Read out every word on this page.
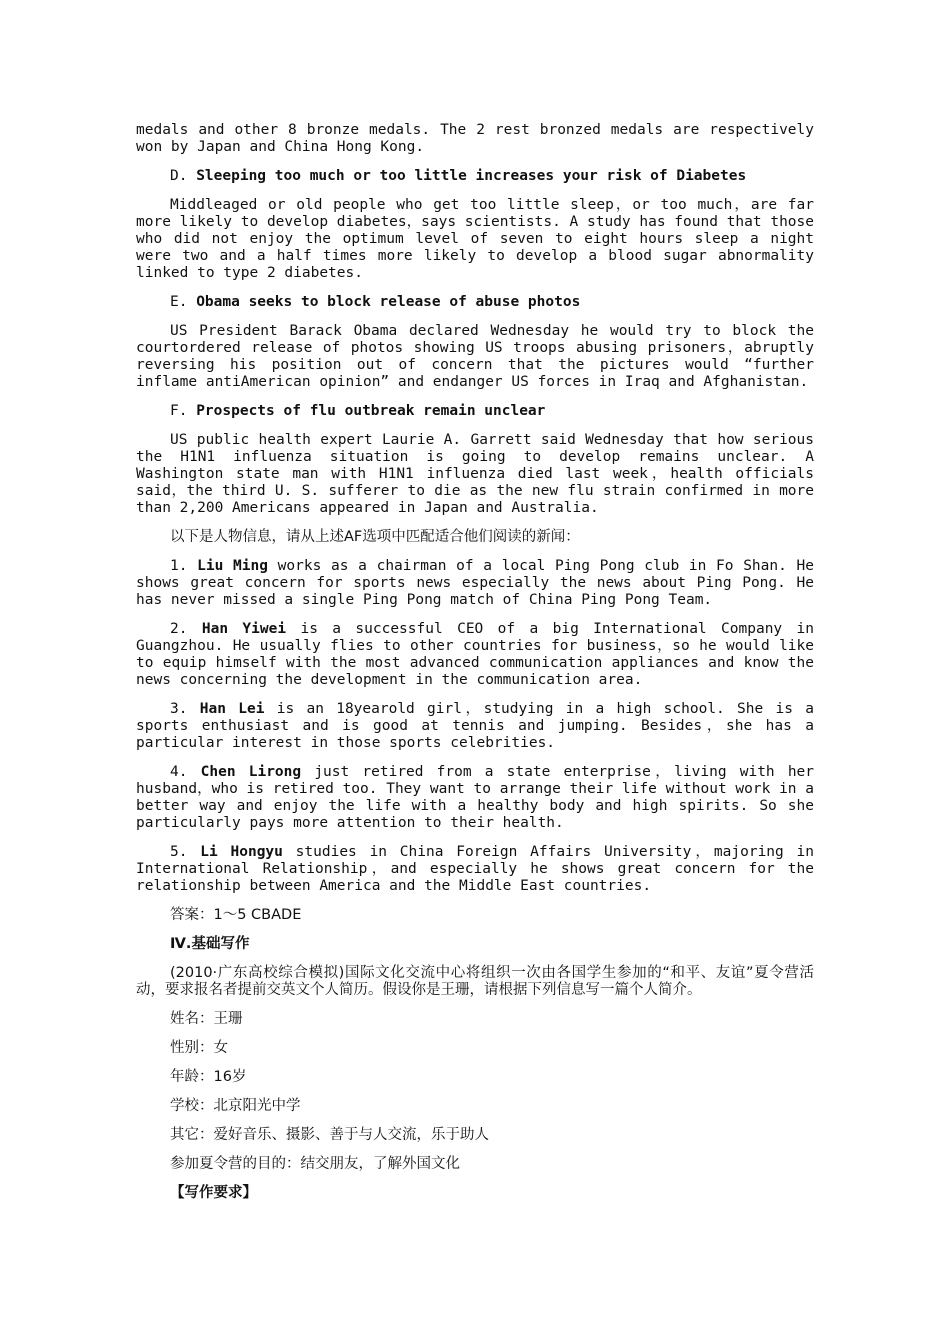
medals and other 8 bronze medals. The 2 rest bronzed medals are respectively won by Japan and China Hong Kong.

D. Sleeping too much or too little increases your risk of Diabetes

Middleaged or old people who get too little sleep，or too much，are far more likely to develop diabetes，says scientists. A study has found that those who did not enjoy the optimum level of seven to eight hours sleep a night were two and a half times more likely to develop a blood sugar abnormality linked to type 2 diabetes.

E. Obama seeks to block release of abuse photos

US President Barack Obama declared Wednesday he would try to block the courtordered release of photos showing US troops abusing prisoners，abruptly reversing his position out of concern that the pictures would “further inflame antiAmerican opinion” and endanger US forces in Iraq and Afghanistan.

F. Prospects of flu outbreak remain unclear

US public health expert Laurie A. Garrett said Wednesday that how serious the H1N1 influenza situation is going to develop remains unclear. A Washington state man with H1N1 influenza died last week，health officials said，the third U. S. sufferer to die as the new flu strain confirmed in more than 2,200 Americans appeared in Japan and Australia.

以下是人物信息，请从上述AF选项中匹配适合他们阅读的新闻：

1. Liu Ming works as a chairman of a local Ping Pong club in Fo Shan. He shows great concern for sports news especially the news about Ping Pong. He has never missed a single Ping Pong match of China Ping Pong Team.

2. Han Yiwei is a successful CEO of a big International Company in Guangzhou. He usually flies to other countries for business，so he would like to equip himself with the most advanced communication appliances and know the news concerning the development in the communication area.

3. Han Lei is an 18yearold girl，studying in a high school. She is a sports enthusiast and is good at tennis and jumping. Besides，she has a particular interest in those sports celebrities.

4. Chen Lirong just retired from a state enterprise，living with her husband，who is retired too. They want to arrange their life without work in a better way and enjoy the life with a healthy body and high spirits. So she particularly pays more attention to their health.

5. Li Hongyu studies in China Foreign Affairs University，majoring in International Relationship，and especially he shows great concern for the relationship between America and the Middle East countries.

答案：1～5 CBADE

Ⅳ.基础写作

(2010·广东高校综合模拟)国际文化交流中心将组织一次由各国学生参加的“和平、友谊”夏令营活动，要求报名者提前交英文个人简历。假设你是王珊，请根据下列信息写一篇个人简介。

姓名：王珊

性别：女

年龄：16岁

学校：北京阳光中学

其它：爱好音乐、摄影、善于与人交流，乐于助人

参加夏令营的目的：结交朋友，了解外国文化

【写作要求】
